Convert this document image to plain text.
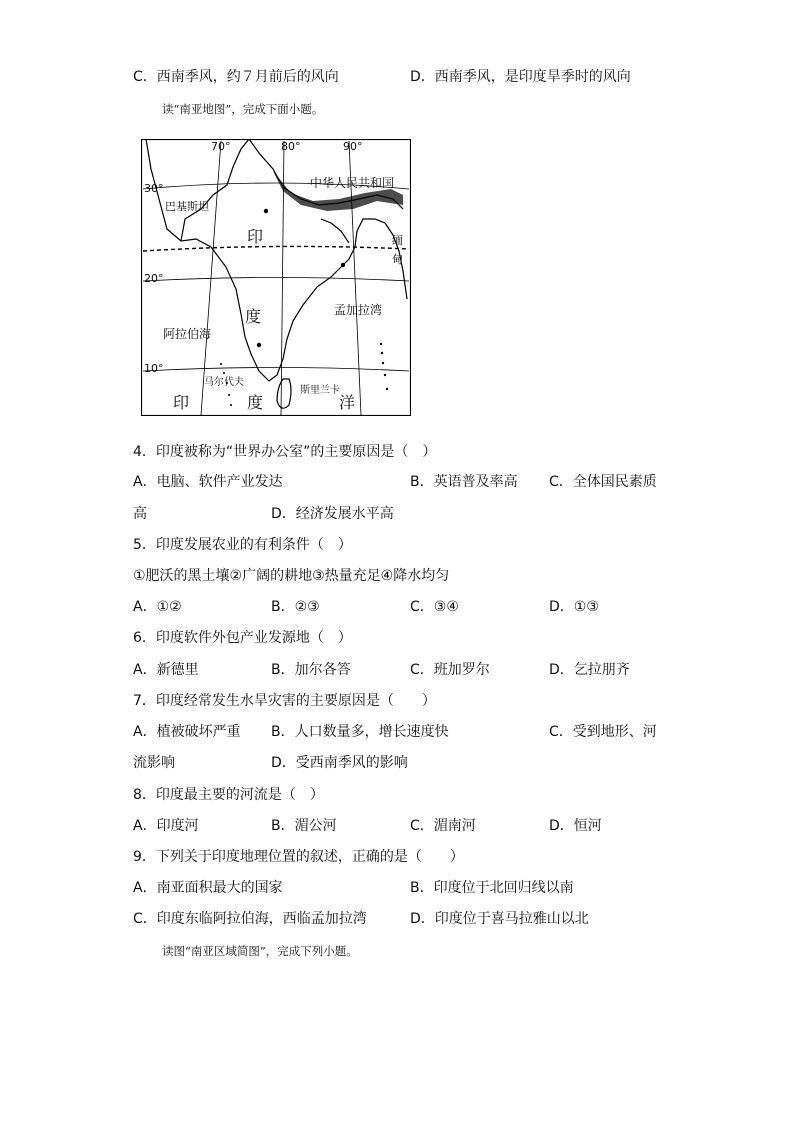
C．西南季风，约７月前后的风向	D．西南季风，是印度旱季时的风向
读“南亚地图”，完成下面小题。
70°	80°	90°
30°
20°
10°
中华人民共和国
巴基斯坦
印
度
缅
甸
孟加拉湾
阿拉伯海
马尔代夫
斯里兰卡
印	度	洋
4．印度被称为“世界办公室”的主要原因是（　）
A．电脑、软件产业发达	B．英语普及率高 C．全体国民素质
高	D．经济发展水平高
5．印度发展农业的有利条件（　）
①肥沃的黑土壤②广阔的耕地③热量充足④降水均匀
A．①②	B．②③	C．③④	D．①③
6．印度软件外包产业发源地（　）
A．新德里	B．加尔各答	C．班加罗尔	D．乞拉朋齐
7．印度经常发生水旱灾害的主要原因是（　　）
A．植被破坏严重 B．人口数量多，增长速度快	C．受到地形、河
流影响	D．受西南季风的影响
8．印度最主要的河流是（　）
A．印度河	B．湄公河	C．湄南河	D．恒河
9．下列关于印度地理位置的叙述，正确的是（　　）
A．南亚面积最大的国家	B．印度位于北回归线以南
C．印度东临阿拉伯海，西临孟加拉湾	D．印度位于喜马拉雅山以北
读图“南亚区域简图”，完成下列小题。
